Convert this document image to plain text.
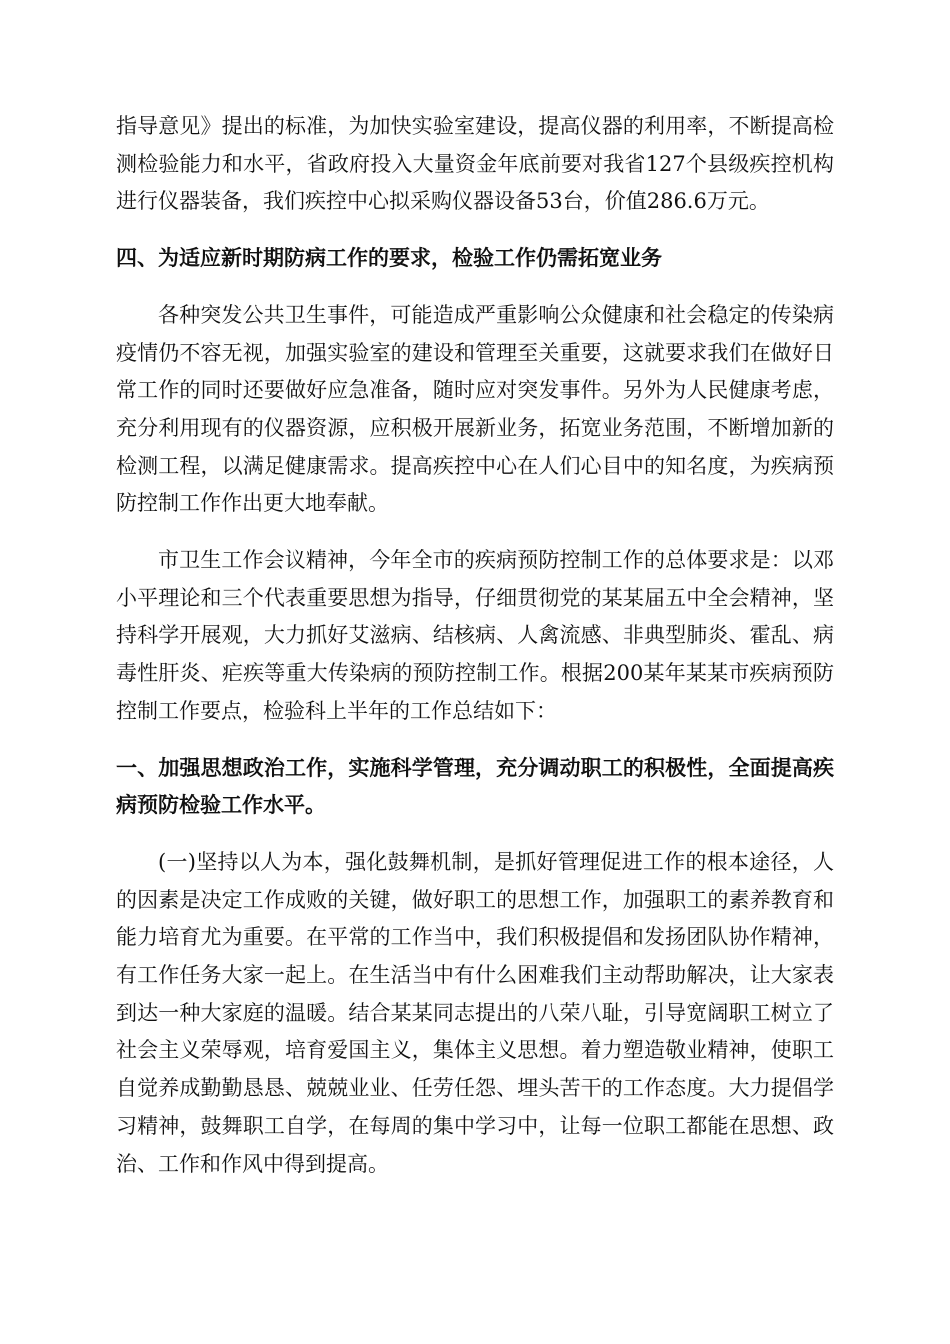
指导意见》提出的标准，为加快实验室建设，提高仪器的利用率，不断提高检测检验能力和水平，省政府投入大量资金年底前要对我省127个县级疾控机构进行仪器装备，我们疾控中心拟采购仪器设备53台，价值286.6万元。

四、为适应新时期防病工作的要求，检验工作仍需拓宽业务

各种突发公共卫生事件，可能造成严重影响公众健康和社会稳定的传染病疫情仍不容无视，加强实验室的建设和管理至关重要，这就要求我们在做好日常工作的同时还要做好应急准备，随时应对突发事件。另外为人民健康考虑，充分利用现有的仪器资源，应积极开展新业务，拓宽业务范围，不断增加新的检测工程，以满足健康需求。提高疾控中心在人们心目中的知名度，为疾病预防控制工作作出更大地奉献。

市卫生工作会议精神，今年全市的疾病预防控制工作的总体要求是：以邓小平理论和三个代表重要思想为指导，仔细贯彻党的某某届五中全会精神，坚持科学开展观，大力抓好艾滋病、结核病、人禽流感、非典型肺炎、霍乱、病毒性肝炎、疟疾等重大传染病的预防控制工作。根据200某年某某市疾病预防控制工作要点，检验科上半年的工作总结如下：

一、加强思想政治工作，实施科学管理，充分调动职工的积极性，全面提高疾病预防检验工作水平。

(一)坚持以人为本，强化鼓舞机制，是抓好管理促进工作的根本途径，人的因素是决定工作成败的关键，做好职工的思想工作，加强职工的素养教育和能力培育尤为重要。在平常的工作当中，我们积极提倡和发扬团队协作精神，有工作任务大家一起上。在生活当中有什么困难我们主动帮助解决，让大家表到达一种大家庭的温暖。结合某某同志提出的八荣八耻，引导宽阔职工树立了社会主义荣辱观，培育爱国主义，集体主义思想。着力塑造敬业精神，使职工自觉养成勤勤恳恳、兢兢业业、任劳任怨、埋头苦干的工作态度。大力提倡学习精神，鼓舞职工自学，在每周的集中学习中，让每一位职工都能在思想、政治、工作和作风中得到提高。
